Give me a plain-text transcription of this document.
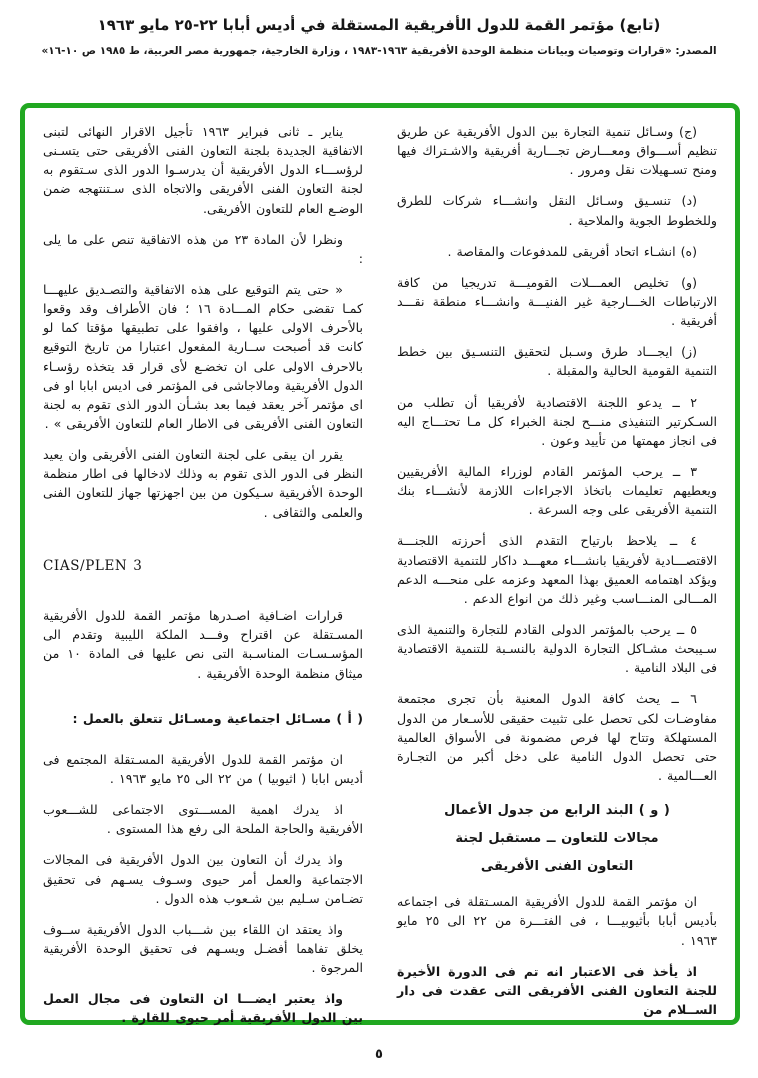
(تابع) مؤتمر القمة للدول الأفريقية المستقلة في أديس أبابا ٢٢-٢٥ مايو ١٩٦٣
المصدر: «قرارات وتوصيات وبيانات منظمة الوحدة الأفريقية ١٩٦٣-١٩٨٣ ، وزارة الخارجية، جمهورية مصر العربية، ط ١٩٨٥ ص ١٠-١٦»

(ج) وسـائل تنمية التجارة بين الدول الأفريقية عن طريق تنظيم أســـواق ومعـــارض تجـــارية أفريقية والاشـتراك فيها ومنح تسـهيلات نقل ومرور .

(د) تنسـيق وسـائل النقل وانشـــاء شركات للطرق وللخطوط الجوية والملاحية .

(ه) انشـاء اتحاد أفريقى للمدفوعات والمقاصة .

(و) تخليص العمـــلات القوميـــة تدريجيا من كافة الارتباطات الخـــارجية غير الفنيـــة وانشـــاء منطقة نقـــد أفريقية .

(ز) ايجـــاد طرق وسـبل لتحقيق التنسـيق بين خطط التنمية القومية الحالية والمقبلة .

٢ ــ يدعو اللجنة الاقتصادية لأفريقيا أن تطلب من السـكرتير التنفيذى منـــح لجنة الخبراء كل مـا تحتـــاج اليه فى انجاز مهمتها من تأييد وعون .

٣ ــ يرحب المؤتمر القادم لوزراء المالية الأفريقيين ويعطيهم تعليمات باتخاذ الاجراءات اللازمة لأنشـــاء بنك التنمية الأفريقى على وجه السرعة .

٤ ــ يلاحظ بارتياح التقدم الذى أحرزته اللجنـــة الاقتصـــادية لأفريقيا بانشـــاء معهـــد داكار للتنمية الاقتصادية ويؤكد اهتمامه العميق بهذا المعهد وعزمه على منحـــه الدعم المـــالى المنـــاسب وغير ذلك من انواع الدعم .

٥ ــ يرحب بالمؤتمر الدولى القادم للتجارة والتنمية الذى سـيبحث مشـاكل التجارة الدولية بالنسـبة للتنمية الاقتصادية فى البلاد النامية .

٦ ــ يحث كافة الدول المعنية بأن تجرى مجتمعة مفاوضـات لكى تحصل على تثبيت حقيقى للأسـعار من الدول المستهلكة وتتاح لها فرص مضمونة فى الأسواق العالمية حتى تحصل الدول النامية على دخل أكبر من التجـارة العـــالمية .

( و ) البند الرابع من جدول الأعمال

مجالات للتعاون ــ مستقبل لجنة

التعاون الفنى الأفريقى

ان مؤتمر القمة للدول الأفريقية المسـتقلة فى اجتماعه بأديس أبابا بأثيوبيـــا ، فى الفتـــرة من ٢٢ الى ٢٥ مايو ١٩٦٣ .

اذ يأخذ فى الاعتبار انه تم فى الدورة الأخيرة للجنة التعاون الفنى الأفريقى التى عقدت فى دار الســلام من

يناير ـ ثانى فبراير ١٩٦٣ تأجيل الاقرار النهائى لتبنى الاتفاقية الجديدة بلجنة التعاون الفنى الأفريقى حتى يتسـنى لرؤســـاء الدول الأفريقية أن يدرسـوا الدور الذى سـتقوم به لجنة التعاون الفنى الأفريقى والاتجاه الذى سـتنتهجه ضمن الوضـع العام للتعاون الأفريقى.

ونظرا لأن المادة ٢٣ من هذه الاتفاقية تنص على ما يلى :

« حتى يتم التوقيع على هذه الاتفاقية والتصـديق عليهـــا كمـا تقضى حكام المـــادة ١٦ ؛ فان الأطراف وقد وقعوا بالأحرف الاولى عليها ، وافقوا على تطبيقها مؤقتا كما لو كانت قد أصبحت ســارية المفعول اعتبارا من تاريخ التوقيع بالاحرف الاولى على ان تخضـع لأى قرار قد يتخذه رؤسـاء الدول الأفريقية ومالاجاشى فى المؤتمر فى اديس ابابا او فى اى مؤتمر آخر يعقد فيما بعد بشـأن الدور الذى تقوم به لجنة التعاون الفنى الأفريقى فى الاطار العام للتعاون الأفريقى » .

يقرر ان يبقى على لجنة التعاون الفنى الأفريقى وان يعيد النظر فى الدور الذى تقوم به وذلك لادخالها فى اطار منظمة الوحدة الأفريقية سـيكون من بين اجهزتها جهاز للتعاون الفنى والعلمى والثقافى .

CIAS/PLEN 3

قرارات اضـافية اصـدرها مؤتمر القمة للدول الأفريقية المسـتقلة عن اقتراح وفـــد الملكة الليبية وتقدم الى المؤسـسـات المناسـبة التى نص عليها فى المادة ١٠ من ميثاق منظمة الوحدة الأفريقية .

( أ ) مسـائل اجتماعية ومسـائل تتعلق بالعمل :

ان مؤتمر القمة للدول الأفريقية المسـتقلة المجتمع فى أديس ابابا ( اثيوبيا ) من ٢٢ الى ٢٥ مايو ١٩٦٣ .

اذ يدرك اهمية المســـتوى الاجتماعى للشـــعوب الأفريقية والحاجة الملحة الى رفع هذا المستوى .

واذ يدرك أن التعاون بين الدول الأفريقية فى المجالات الاجتماعية والعمل أمر حيوى وسـوف يسـهم فى تحقيق تضـامن سـليم بين شـعوب هذه الدول .

واذ يعتقد ان اللقاء بين شـــباب الدول الأفريقية ســوف يخلق تفاهما أفضـل ويسـهم فى تحقيق الوحدة الأفريقية المرجوة .

واذ يعتبر ايضـــا ان التعاون فى مجال العمل بين الدول الأفريقية أمر حيوى للقارة .

٥
